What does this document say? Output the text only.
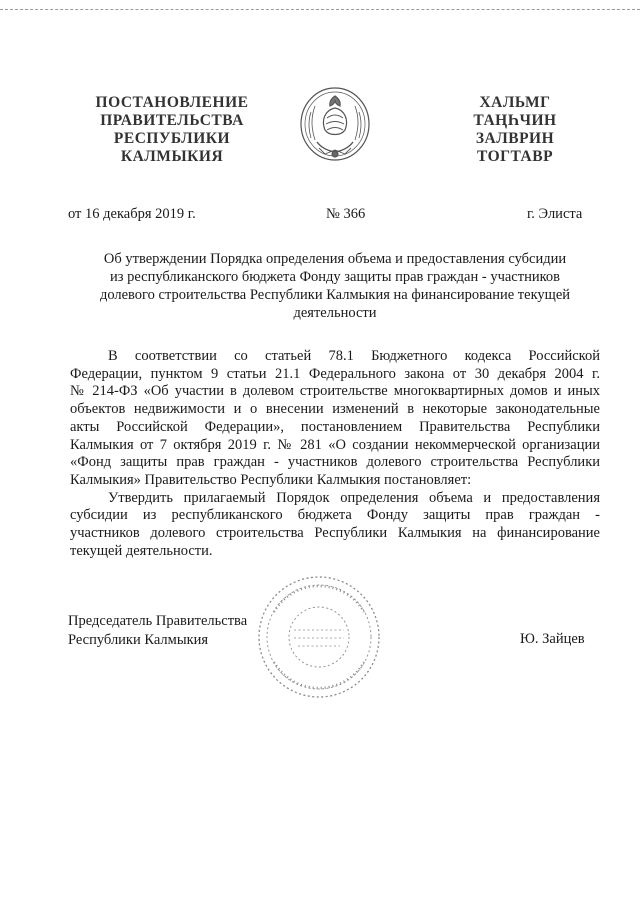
ПОСТАНОВЛЕНИЕ
ПРАВИТЕЛЬСТВА
РЕСПУБЛИКИ
КАЛМЫКИЯ
ХАЛЬМГ
ТАҢҺЧИН
ЗАЛВРИН
ТОГТАВР
от 16 декабря 2019 г.	№ 366	г. Элиста
Об утверждении Порядка определения объема и предоставления субсидии
из республиканского бюджета Фонду защиты прав граждан - участников
долевого строительства Республики Калмыкия на финансирование текущей
деятельности
В соответствии со статьей 78.1 Бюджетного кодекса Российской
Федерации, пунктом 9 статьи 21.1 Федерального закона от 30 декабря 2004 г.
№ 214-ФЗ «Об участии в долевом строительстве многоквартирных домов и иных
объектов недвижимости и о внесении изменений в некоторые законодательные
акты Российской Федерации», постановлением Правительства Республики
Калмыкия от 7 октября 2019 г. № 281 «О создании некоммерческой организации
«Фонд защиты прав граждан - участников долевого строительства Республики
Калмыкия» Правительство Республики Калмыкия постановляет:
Утвердить прилагаемый Порядок определения объема и предоставления
субсидии из республиканского бюджета Фонду защиты прав граждан -
участников долевого строительства Республики Калмыкия на финансирование
текущей деятельности.
Председатель Правительства
Республики Калмыкия	Ю. Зайцев
